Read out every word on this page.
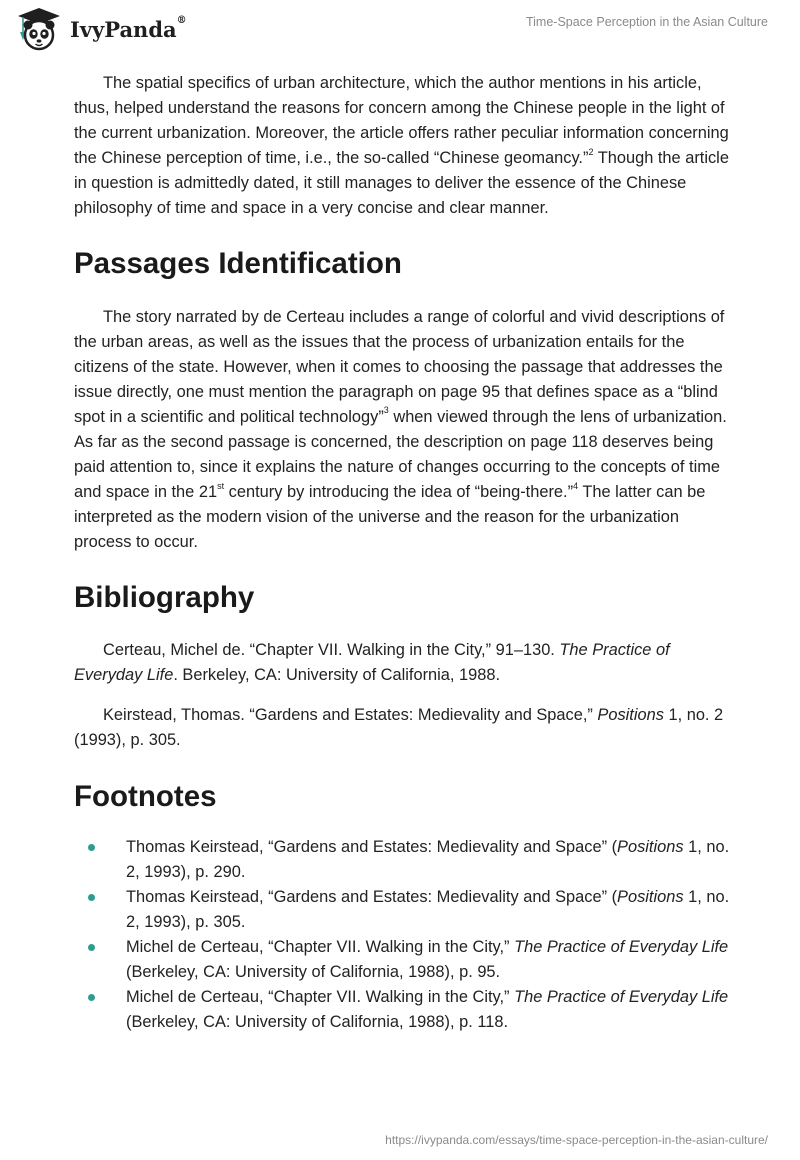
IvyPanda®	Time-Space Perception in the Asian Culture

The spatial specifics of urban architecture, which the author mentions in his article, thus, helped understand the reasons for concern among the Chinese people in the light of the current urbanization. Moreover, the article offers rather peculiar information concerning the Chinese perception of time, i.e., the so-called “Chinese geomancy.”$^2$ Though the article in question is admittedly dated, it still manages to deliver the essence of the Chinese philosophy of time and space in a very concise and clear manner.

Passages Identification

The story narrated by de Certeau includes a range of colorful and vivid descriptions of the urban areas, as well as the issues that the process of urbanization entails for the citizens of the state. However, when it comes to choosing the passage that addresses the issue directly, one must mention the paragraph on page 95 that defines space as a “blind spot in a scientific and political technology”$^3$ when viewed through the lens of urbanization. As far as the second passage is concerned, the description on page 118 deserves being paid attention to, since it explains the nature of changes occurring to the concepts of time and space in the 21st century by introducing the idea of “being-there.”$^4$ The latter can be interpreted as the modern vision of the universe and the reason for the urbanization process to occur.

Bibliography

Certeau, Michel de. “Chapter VII. Walking in the City,” 91–130. The Practice of Everyday Life. Berkeley, CA: University of California, 1988.

Keirstead, Thomas. “Gardens and Estates: Medievality and Space,” Positions 1, no. 2 (1993), p. 305.

Footnotes
Thomas Keirstead, “Gardens and Estates: Medievality and Space” (Positions 1, no. 2, 1993), p. 290.
Thomas Keirstead, “Gardens and Estates: Medievality and Space” (Positions 1, no. 2, 1993), p. 305.
Michel de Certeau, “Chapter VII. Walking in the City,” The Practice of Everyday Life (Berkeley, CA: University of California, 1988), p. 95.
Michel de Certeau, “Chapter VII. Walking in the City,” The Practice of Everyday Life (Berkeley, CA: University of California, 1988), p. 118.
https://ivypanda.com/essays/time-space-perception-in-the-asian-culture/
